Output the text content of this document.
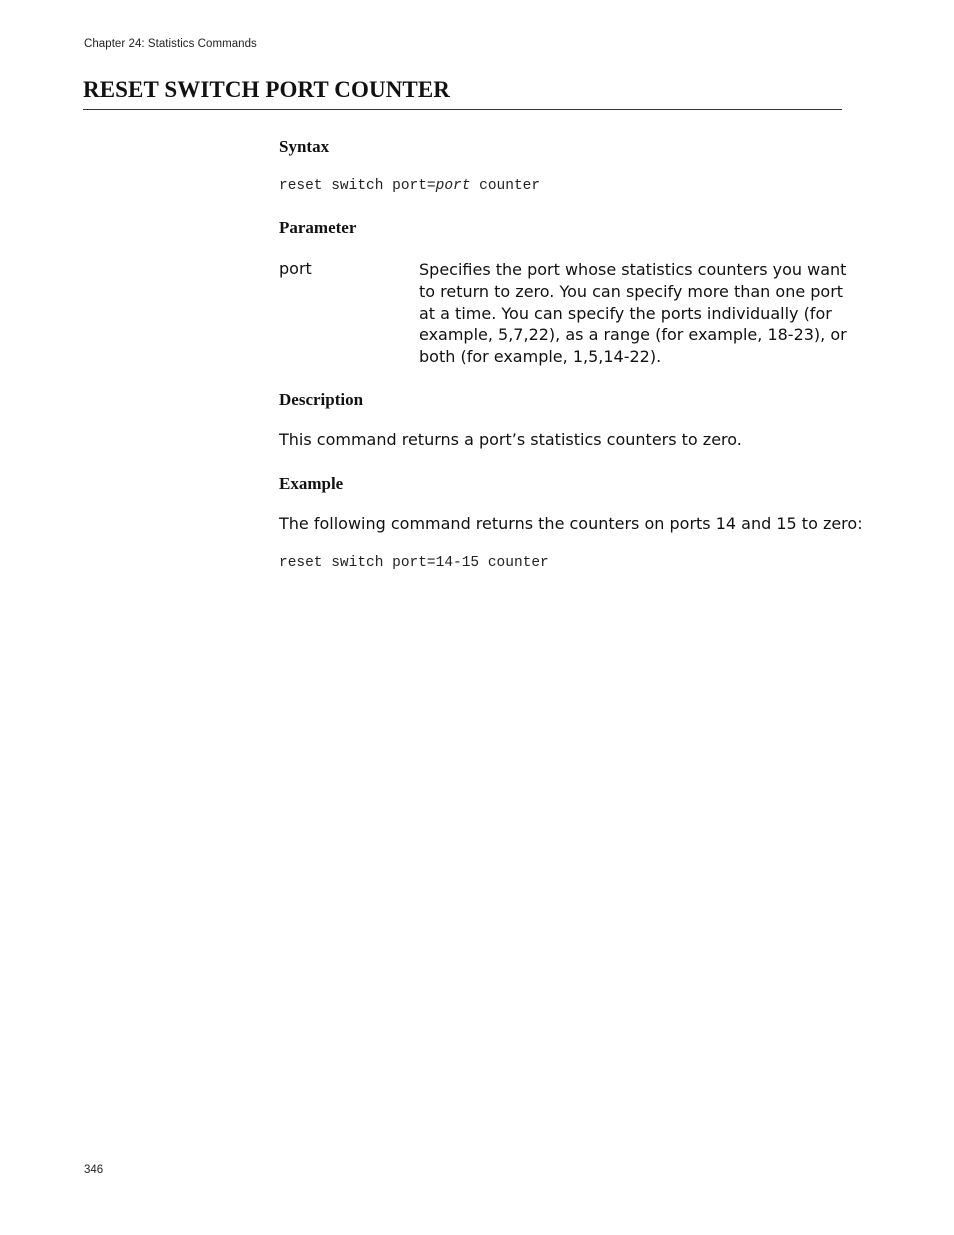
Chapter 24: Statistics Commands
RESET SWITCH PORT COUNTER
Syntax
reset switch port=port counter
Parameter
port	Specifies the port whose statistics counters you want
to return to zero. You can specify more than one port
at a time. You can specify the ports individually (for
example, 5,7,22), as a range (for example, 18-23), or
both (for example, 1,5,14-22).
Description
This command returns a port’s statistics counters to zero.
Example
The following command returns the counters on ports 14 and 15 to zero:
reset switch port=14-15 counter
346
